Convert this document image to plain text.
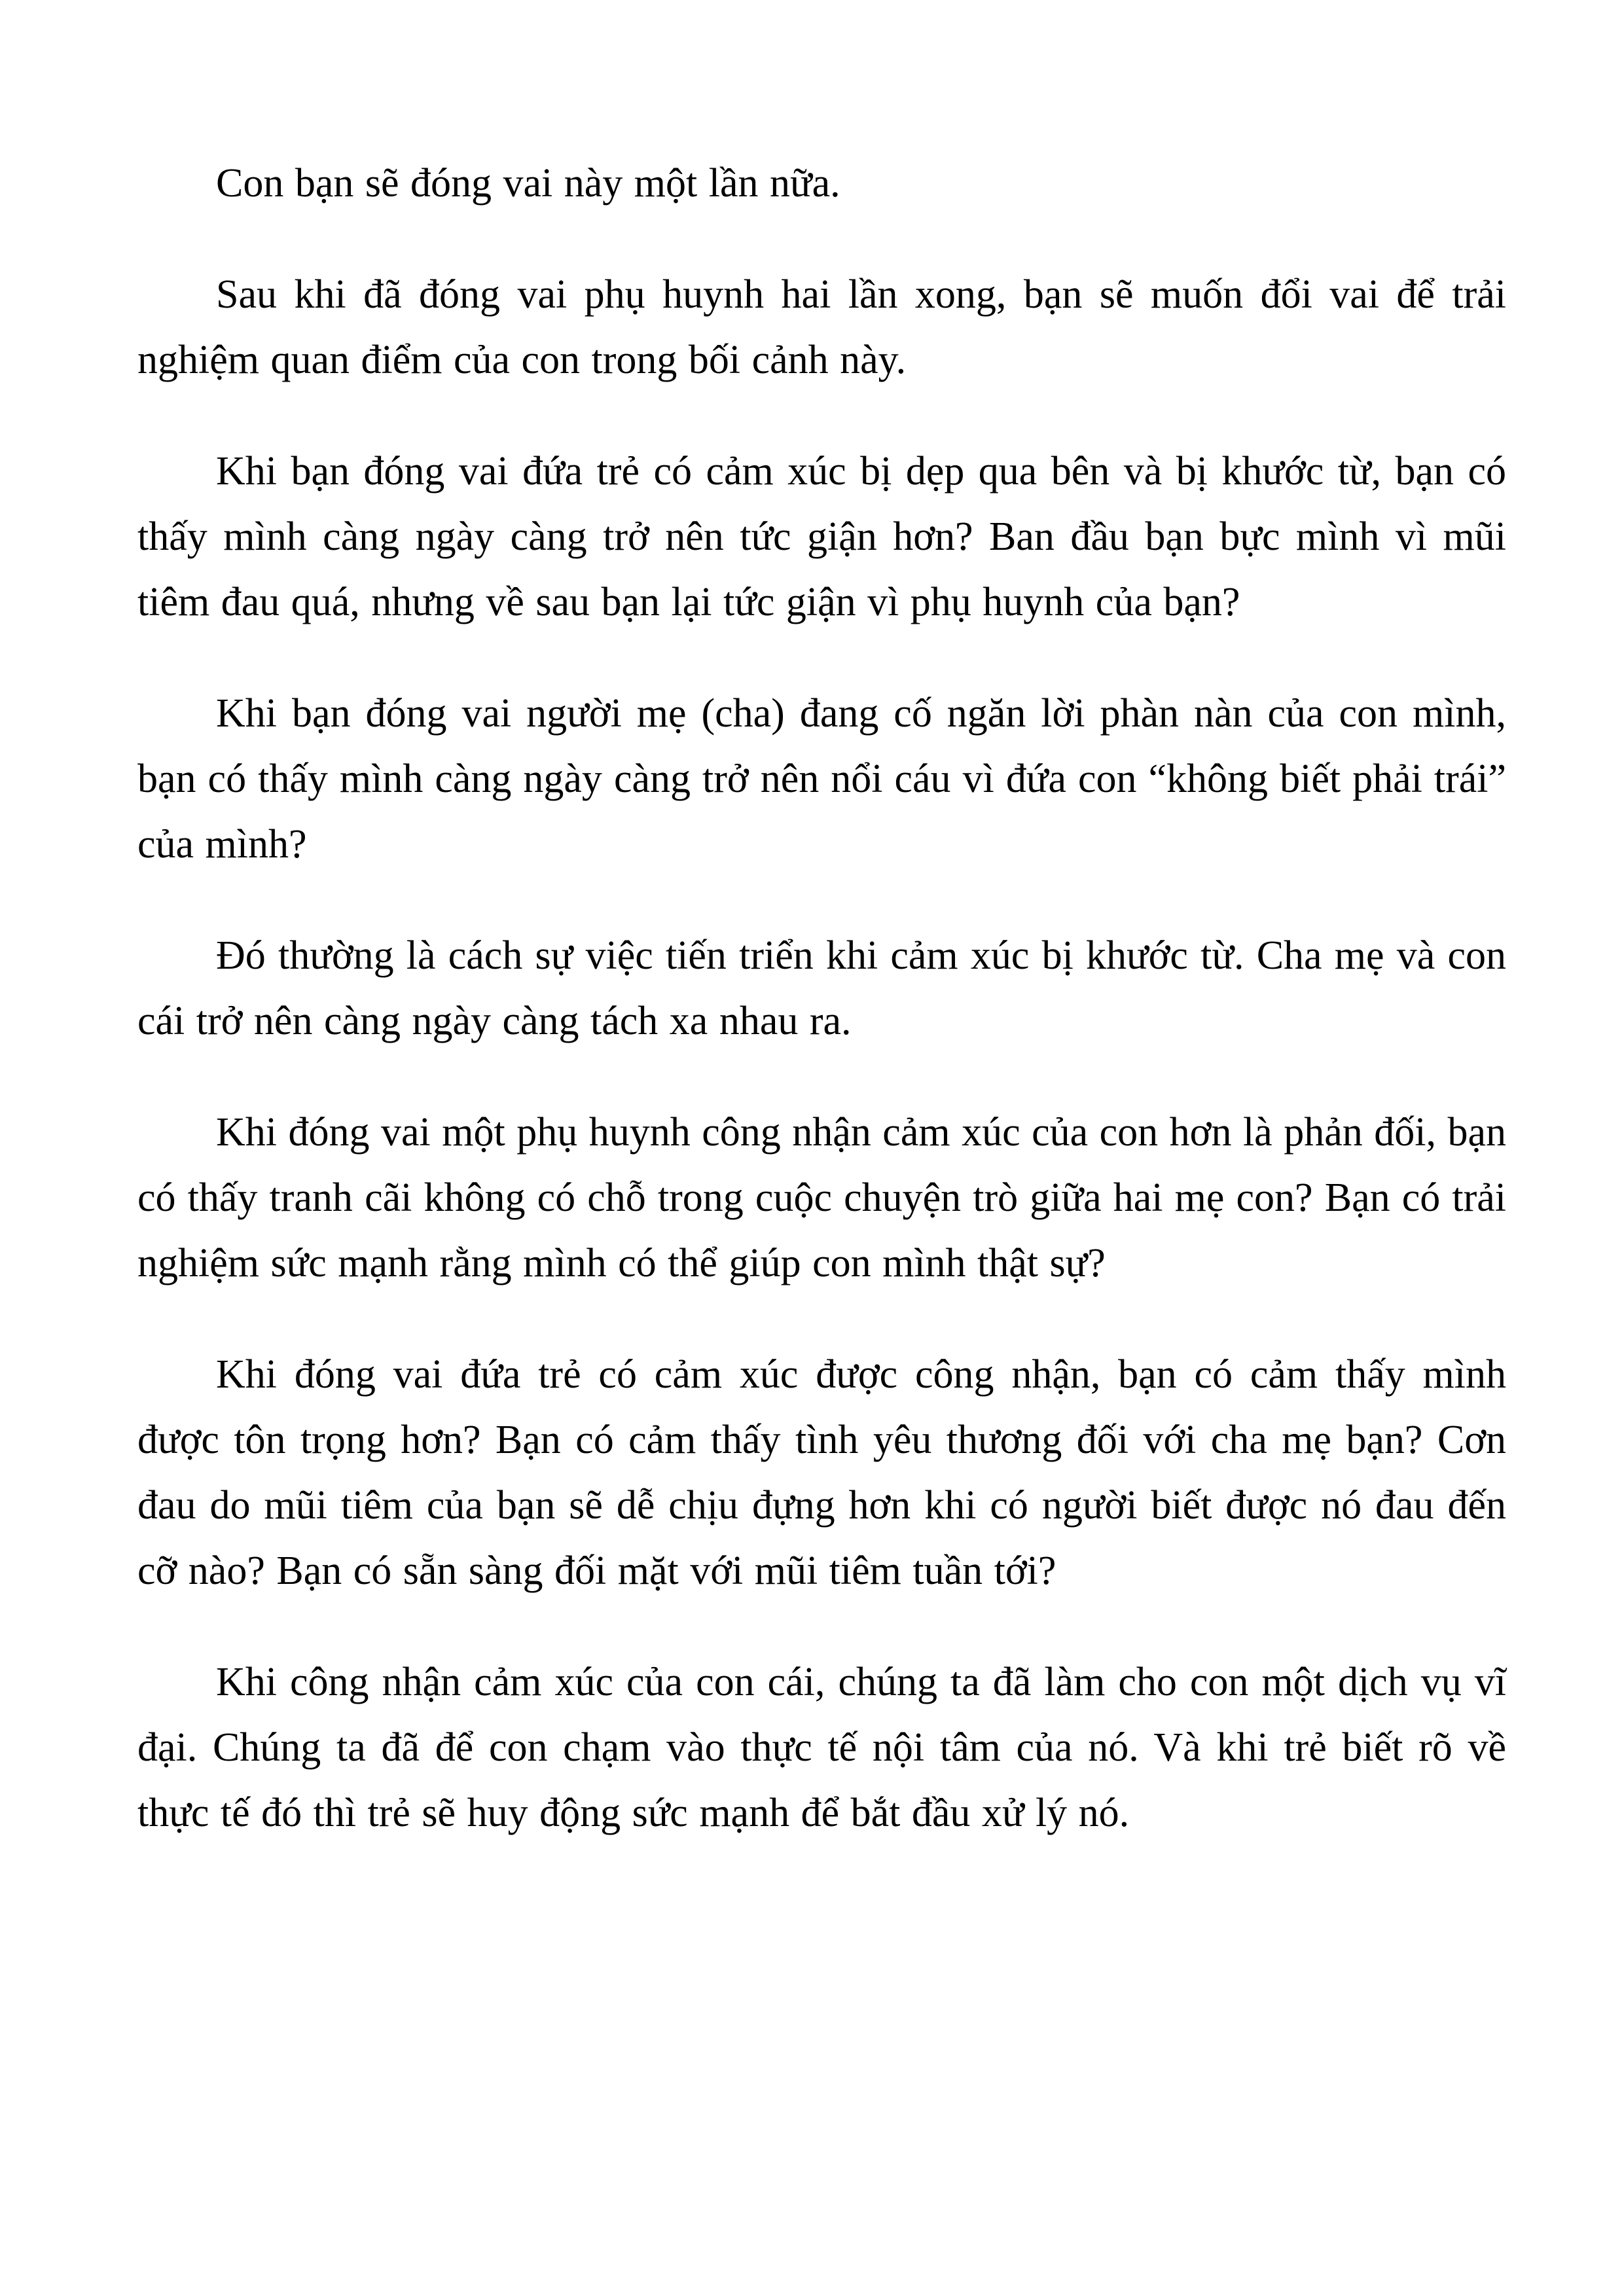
Con bạn sẽ đóng vai này một lần nữa.

Sau khi đã đóng vai phụ huynh hai lần xong, bạn sẽ muốn đổi vai để trải nghiệm quan điểm của con trong bối cảnh này.

Khi bạn đóng vai đứa trẻ có cảm xúc bị dẹp qua bên và bị khước từ, bạn có thấy mình càng ngày càng trở nên tức giận hơn? Ban đầu bạn bực mình vì mũi tiêm đau quá, nhưng về sau bạn lại tức giận vì phụ huynh của bạn?

Khi bạn đóng vai người mẹ (cha) đang cố ngăn lời phàn nàn của con mình, bạn có thấy mình càng ngày càng trở nên nổi cáu vì đứa con “không biết phải trái” của mình?

Đó thường là cách sự việc tiến triển khi cảm xúc bị khước từ. Cha mẹ và con cái trở nên càng ngày càng tách xa nhau ra.

Khi đóng vai một phụ huynh công nhận cảm xúc của con hơn là phản đối, bạn có thấy tranh cãi không có chỗ trong cuộc chuyện trò giữa hai mẹ con? Bạn có trải nghiệm sức mạnh rằng mình có thể giúp con mình thật sự?

Khi đóng vai đứa trẻ có cảm xúc được công nhận, bạn có cảm thấy mình được tôn trọng hơn? Bạn có cảm thấy tình yêu thương đối với cha mẹ bạn? Cơn đau do mũi tiêm của bạn sẽ dễ chịu đựng hơn khi có người biết được nó đau đến cỡ nào? Bạn có sẵn sàng đối mặt với mũi tiêm tuần tới?

Khi công nhận cảm xúc của con cái, chúng ta đã làm cho con một dịch vụ vĩ đại. Chúng ta đã để con chạm vào thực tế nội tâm của nó. Và khi trẻ biết rõ về thực tế đó thì trẻ sẽ huy động sức mạnh để bắt đầu xử lý nó.
